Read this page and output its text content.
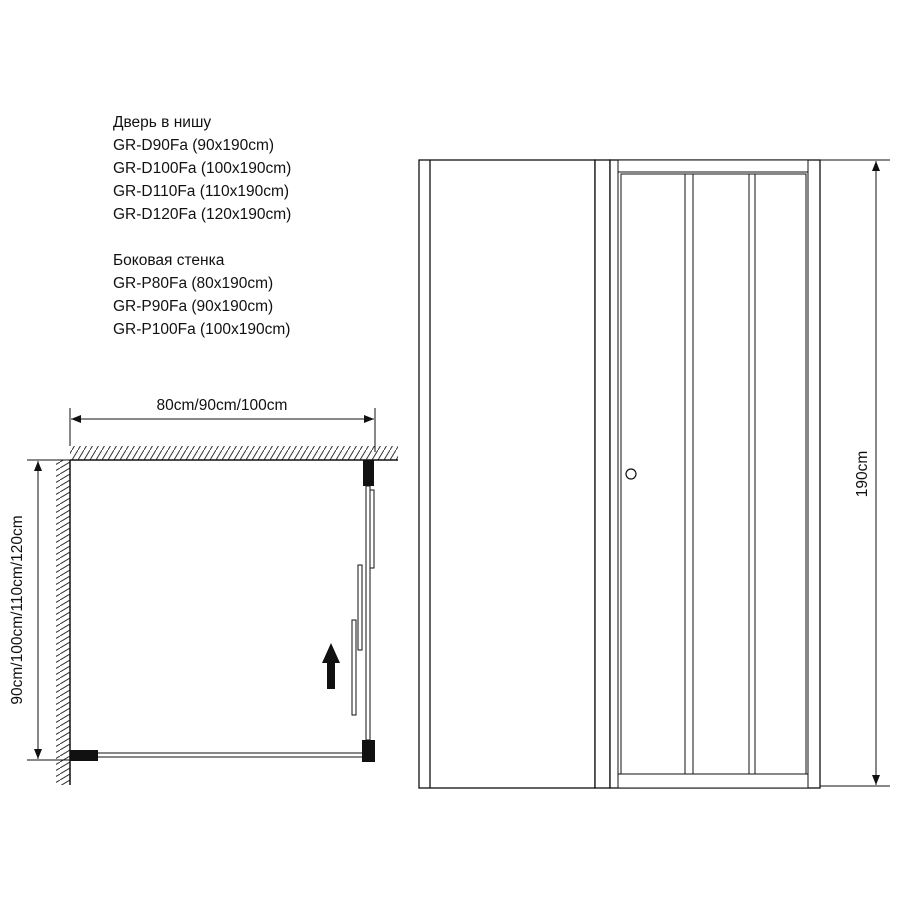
Дверь в нишу
GR-D90Fa (90x190cm)
GR-D100Fa (100x190cm)
GR-D110Fa (110x190cm)
GR-D120Fa (120x190cm)
Боковая стенка
GR-P80Fa (80x190cm)
GR-P90Fa (90x190cm)
GR-P100Fa (100x190cm)
80cm/90cm/100cm
90cm/100cm/110cm/120cm
190cm
